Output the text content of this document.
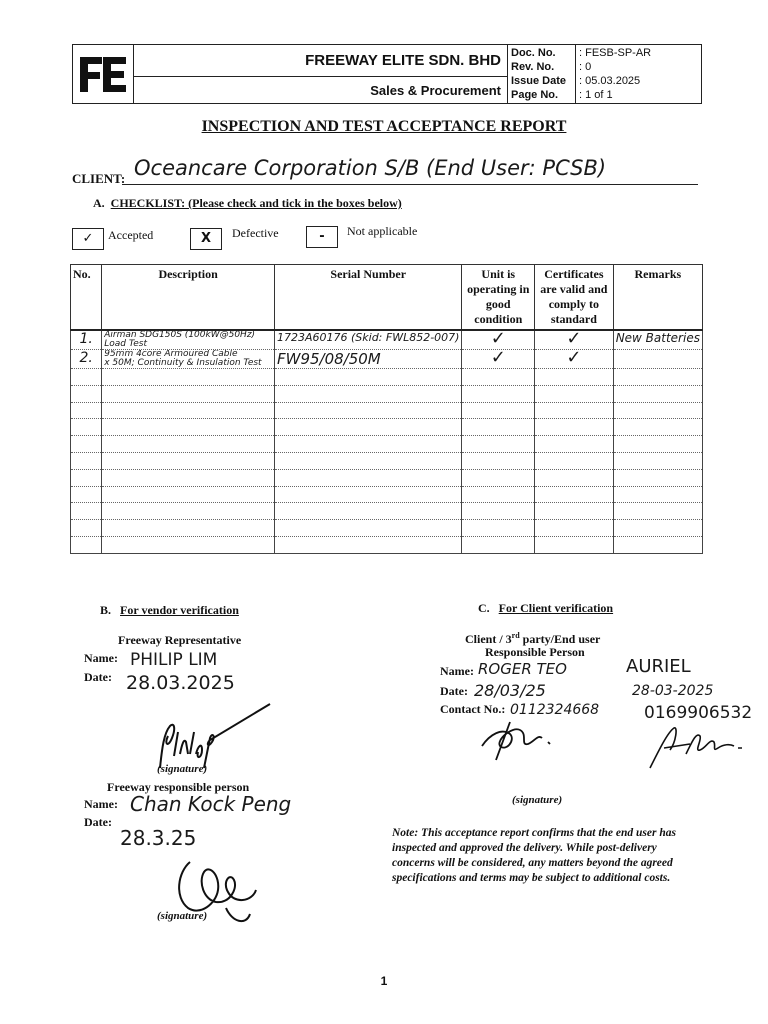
FREEWAY ELITE SDN. BHD
Sales & Procurement
Doc. No.	: FESB-SP-AR
Rev. No.	: 0
Issue Date	: 05.03.2025
Page No.	: 1 of 1
INSPECTION AND TEST ACCEPTANCE REPORT
CLIENT: Oceancare Corporation S/B (End User: PCSB)
A. CHECKLIST: (Please check and tick in the boxes below)
✓	Accepted	X	Defective	-	Not applicable
No.	Description	Serial Number	Unit is operating in good condition	Certificates are valid and comply to standard	Remarks
1.	Airman SDG150S (100kW@50Hz)
Load Test	1723A60176 (Skid: FWL852-007)	✓	✓	New Batteries
2.	95mm 4core Armoured Cable
x 50M; Continuity & Insulation Test	FW95/08/50M	✓	✓	

B. For vendor verification
Freeway Representative
Name: PHILIP LIM
Date: 28.03.2025
(signature)
Freeway responsible person
Name: Chan Kock Peng
Date:
28.3.25
(signature)
C. For Client verification
Client / 3rd party/End user
Responsible Person
Name: ROGER TEO
Date: 28/03/25
Contact No.: 0112324668
AURIEL
28-03-2025
0169906532
(signature)
Note: This acceptance report confirms that the end user has inspected and approved the delivery. While post-delivery concerns will be considered, any matters beyond the agreed specifications and terms may be subject to additional costs.
1
